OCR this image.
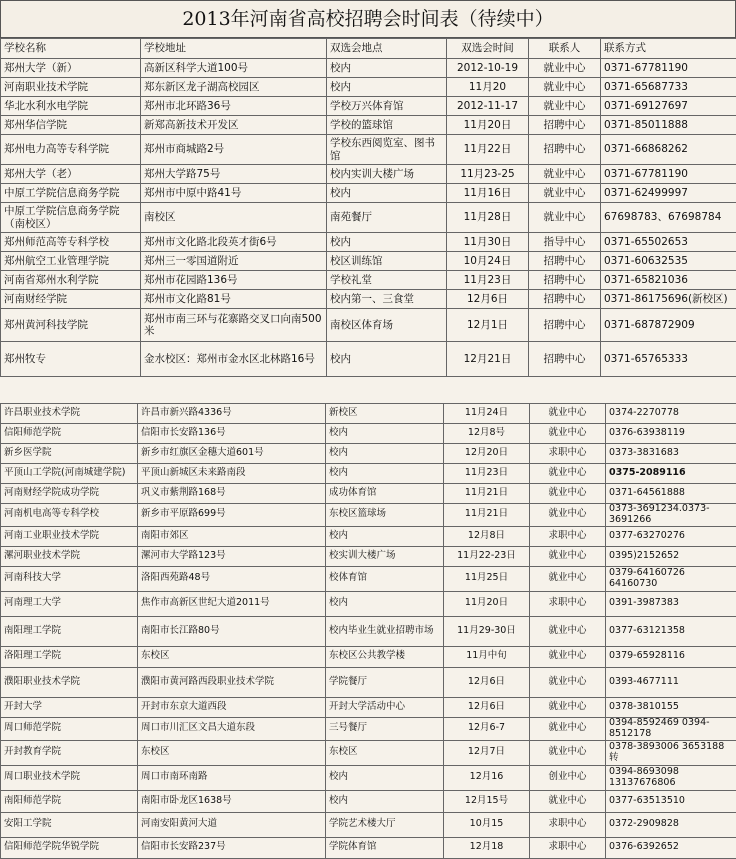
2013年河南省高校招聘会时间表（待续中）
学校名称	学校地址	双选会地点	双选会时间	联系人	联系方式
郑州大学（新）	高新区科学大道100号	校内	2012-10-19	就业中心	0371-67781190
河南职业技术学院	郑东新区龙子湖高校园区	校内	11月20	就业中心	0371-65687733
华北水利水电学院	郑州市北环路36号	学校万兴体育馆	2012-11-17	就业中心	0371-69127697
郑州华信学院	新郑高新技术开发区	学校的篮球馆	11月20日	招聘中心	0371-85011888
郑州电力高等专科学院	郑州市商城路2号	学校东西阅览室、图书馆	11月22日	招聘中心	0371-66868262
郑州大学（老）	郑州大学路75号	校内实训大楼广场	11月23-25	就业中心	0371-67781190
中原工学院信息商务学院	郑州市中原中路41号	校内	11月16日	就业中心	0371-62499997
中原工学院信息商务学院（南校区）	南校区	南苑餐厅	11月28日	就业中心	67698783、67698784
郑州师范高等专科学校	郑州市文化路北段英才街6号	校内	11月30日	指导中心	0371-65502653
郑州航空工业管理学院	郑州三一零国道附近	校区训练馆	10月24日	招聘中心	0371-60632535
河南省郑州水利学院	郑州市花园路136号	学校礼堂	11月23日	招聘中心	0371-65821036
河南财经学院	郑州市文化路81号	校内第一、三食堂	12月6日	招聘中心	0371-86175696(新校区)
郑州黄河科技学院	郑州市南三环与花寨路交叉口向南500米	南校区体育场	12月1日	招聘中心	0371-687872909
郑州牧专	金水校区：郑州市金水区北林路16号	校内	12月21日	招聘中心	0371-65765333
许昌职业技术学院	许昌市新兴路4336号	新校区	11月24日	就业中心	0374-2270778
信阳师范学院	信阳市长安路136号	校内	12月8号	就业中心	0376-63938119
新乡医学院	新乡市红旗区金穗大道601号	校内	12月20日	求职中心	0373-3831683
平顶山工学院(河南城建学院)	平顶山新城区未来路南段	校内	11月23日	就业中心	0375-2089116
河南财经学院成功学院	巩义市紫荆路168号	成功体育馆	11月21日	就业中心	0371-64561888
河南机电高等专科学校	新乡市平原路699号	东校区篮球场	11月21日	就业中心	0373-3691234.0373-3691266
河南工业职业技术学院	南阳市郊区	校内	12月8日	求职中心	0377-63270276
漯河职业技术学院	漯河市大学路123号	校实训大楼广场	11月22-23日	就业中心	0395)2152652
河南科技大学	洛阳西苑路48号	校体育馆	11月25日	就业中心	0379-64160726 64160730
河南理工大学	焦作市高新区世纪大道2011号	校内	11月20日	求职中心	0391-3987383
南阳理工学院	南阳市长江路80号	校内毕业生就业招聘市场	11月29-30日	就业中心	0377-63121358
洛阳理工学院	东校区	东校区公共教学楼	11月中旬	就业中心	0379-65928116
濮阳职业技术学院	濮阳市黄河路西段职业技术学院	学院餐厅	12月6日	就业中心	0393-4677111
开封大学	开封市东京大道西段	开封大学活动中心	12月6日	就业中心	0378-3810155
周口师范学院	周口市川汇区文昌大道东段	三号餐厅	12月6-7	就业中心	0394-8592469 0394-8512178
开封教育学院	东校区	东校区	12月7日	就业中心	0378-3893006 3653188转
周口职业技术学院	周口市南环南路	校内	12月16	创业中心	0394-8693098 13137676806
南阳师范学院	南阳市卧龙区1638号	校内	12月15号	就业中心	0377-63513510
安阳工学院	河南安阳黄河大道	学院艺术楼大厅	10月15	求职中心	0372-2909828
信阳师范学院华锐学院	信阳市长安路237号	学院体育馆	12月18	求职中心	0376-6392652
